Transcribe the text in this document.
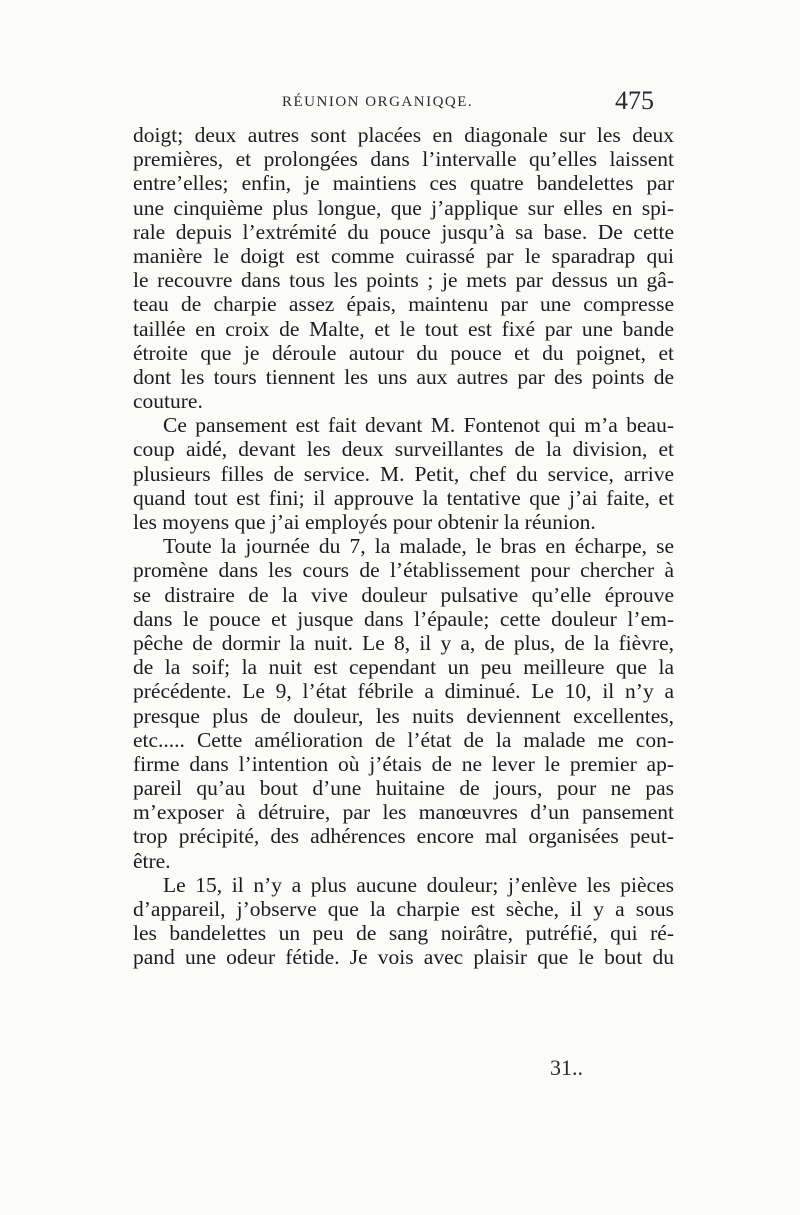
RÉUNION ORGANIQQE.	475
doigt; deux autres sont placées en diagonale sur les deux
premières, et prolongées dans l’intervalle qu’elles laissent
entre’elles; enfin, je maintiens ces quatre bandelettes par
une cinquième plus longue, que j’applique sur elles en spi-
rale depuis l’extrémité du pouce jusqu’à sa base. De cette
manière le doigt est comme cuirassé par le sparadrap qui
le recouvre dans tous les points ; je mets par dessus un gâ-
teau de charpie assez épais, maintenu par une compresse
taillée en croix de Malte, et le tout est fixé par une bande
étroite que je déroule autour du pouce et du poignet, et
dont les tours tiennent les uns aux autres par des points de
couture.
Ce pansement est fait devant M. Fontenot qui m’a beau-
coup aidé, devant les deux surveillantes de la division, et
plusieurs filles de service. M. Petit, chef du service, arrive
quand tout est fini; il approuve la tentative que j’ai faite, et
les moyens que j’ai employés pour obtenir la réunion.
Toute la journée du 7, la malade, le bras en écharpe, se
promène dans les cours de l’établissement pour chercher à
se distraire de la vive douleur pulsative qu’elle éprouve
dans le pouce et jusque dans l’épaule; cette douleur l’em-
pêche de dormir la nuit. Le 8, il y a, de plus, de la fièvre,
de la soif; la nuit est cependant un peu meilleure que la
précédente. Le 9, l’état fébrile a diminué. Le 10, il n’y a
presque plus de douleur, les nuits deviennent excellentes,
etc..... Cette amélioration de l’état de la malade me con-
firme dans l’intention où j’étais de ne lever le premier ap-
pareil qu’au bout d’une huitaine de jours, pour ne pas
m’exposer à détruire, par les manœuvres d’un pansement
trop précipité, des adhérences encore mal organisées peut-
être.
Le 15, il n’y a plus aucune douleur; j’enlève les pièces
d’appareil, j’observe que la charpie est sèche, il y a sous
les bandelettes un peu de sang noirâtre, putréfié, qui ré-
pand une odeur fétide. Je vois avec plaisir que le bout du
31..
